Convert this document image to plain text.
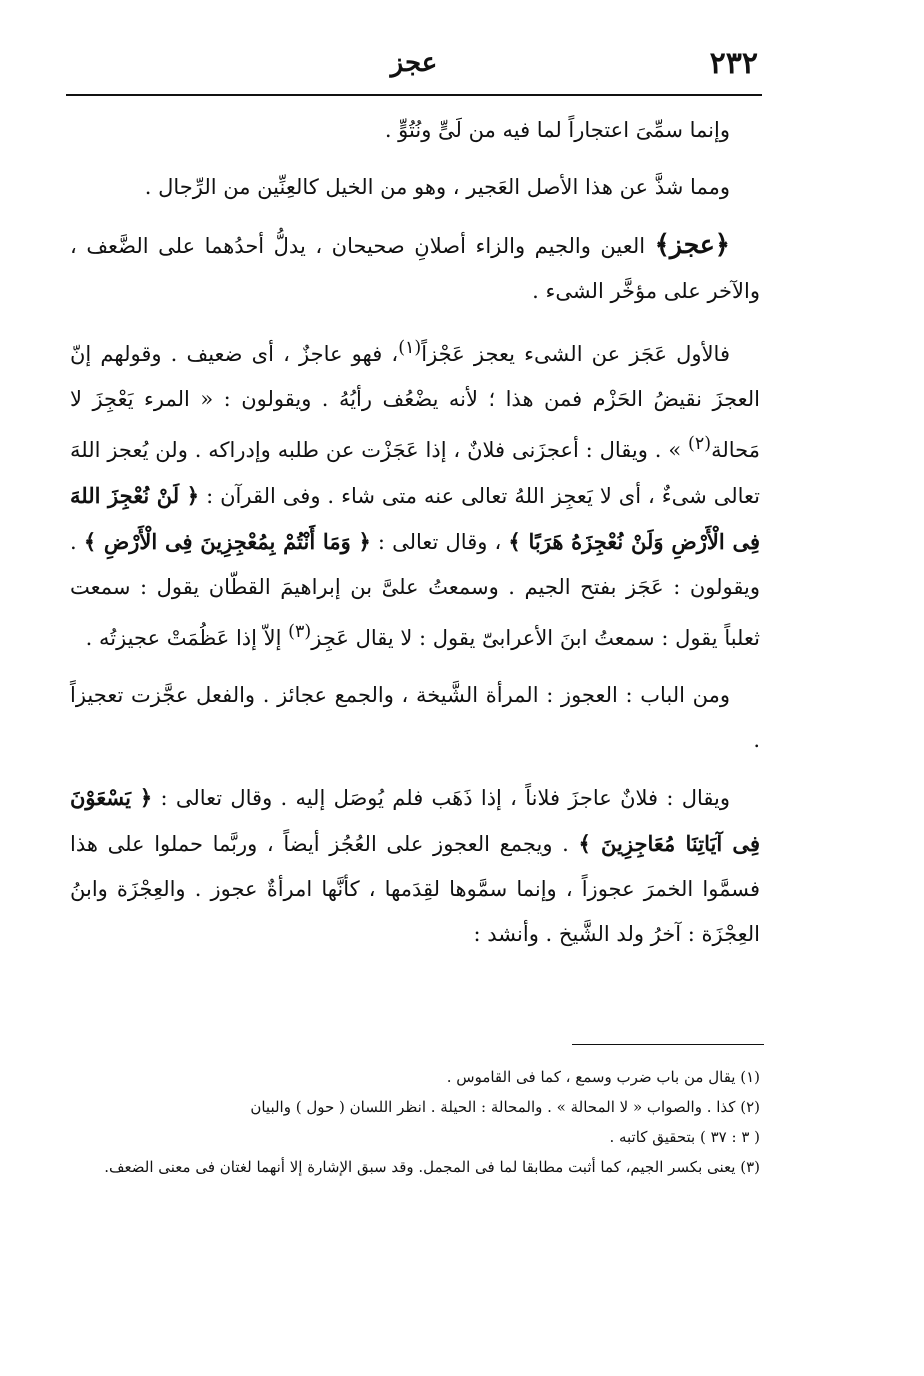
٢٣٢
عجز

وإنما سمِّىَ اعتجاراً لما فيه من لَىٍّ ونُتُوٍّ .

ومما شذَّ عن هذا الأصل العَجير ، وهو من الخيل كالعِنِّين من الرِّجال .

﴿عجز﴾ العين والجيم والزاء أصلانِ صحيحان ، يدلُّ أحدُهما على الضَّعف ، والآخر على مؤخَّر الشىء .

فالأول عَجَز عن الشىء يعجز عَجْزاً$^{(١)}$، فهو عاجزٌ ، أى ضعيف . وقولهم إنّ العجزَ نقيضُ الحَزْم فمن هذا ؛ لأنه يضْعُف رأيُهُ . ويقولون : « المرء يَعْجِزَ لا مَحالة$^{(٢)}$ » . ويقال : أعجزَنى فلانٌ ، إذا عَجَزْت عن طلبه وإدراكه . ولن يُعجز اللهَ تعالى شىءٌ ، أى لا يَعجِز اللهُ تعالى عنه متى شاء . وفى القرآن : ﴿ لَنْ نُعْجِزَ اللهَ فِى الْأَرْضِ وَلَنْ نُعْجِزَهُ هَرَبًا ﴾ ، وقال تعالى : ﴿ وَمَا أَنْتُمْ بِمُعْجِزِينَ فِى الْأَرْضِ ﴾ . ويقولون : عَجَز بفتح الجيم . وسمعتُ علىَّ بن إبراهيمَ القطّان يقول : سمعت ثعلباً يقول : سمعتُ ابنَ الأعرابىّ يقول : لا يقال عَجِز$^{(٣)}$ إلاّ إذا عَظُمَتْ عجيزتُه .

ومن الباب : العجوز : المرأة الشَّيخة ، والجمع عجائز . والفعل عجَّزت تعجيزاً .

ويقال : فلانٌ عاجزَ فلاناً ، إذا ذَهَب فلم يُوصَل إليه . وقال تعالى : ﴿ يَسْعَوْنَ فِى آيَاتِنَا مُعَاجِزِينَ ﴾ . ويجمع العجوز على العُجُز أيضاً ، وربَّما حملوا على هذا فسمَّوا الخمرَ عجوزاً ، وإنما سمَّوها لقِدَمها ، كأنَّها امرأةٌ عجوز . والعِجْزَة وابنُ العِجْزَة : آخرُ ولد الشَّيخ . وأنشد :

(١) يقال من باب ضرب وسمع ، كما فى القاموس .

(٢) كذا . والصواب « لا المحالة » . والمحالة : الحيلة . انظر اللسان ( حول ) والبيان

( ٣ : ٣٧ ) بتحقيق كاتبه .

(٣) يعنى بكسر الجيم، كما أثبت مطابقا لما فى المجمل. وقد سبق الإشارة إلا أنهما لغتان فى معنى الضعف.
